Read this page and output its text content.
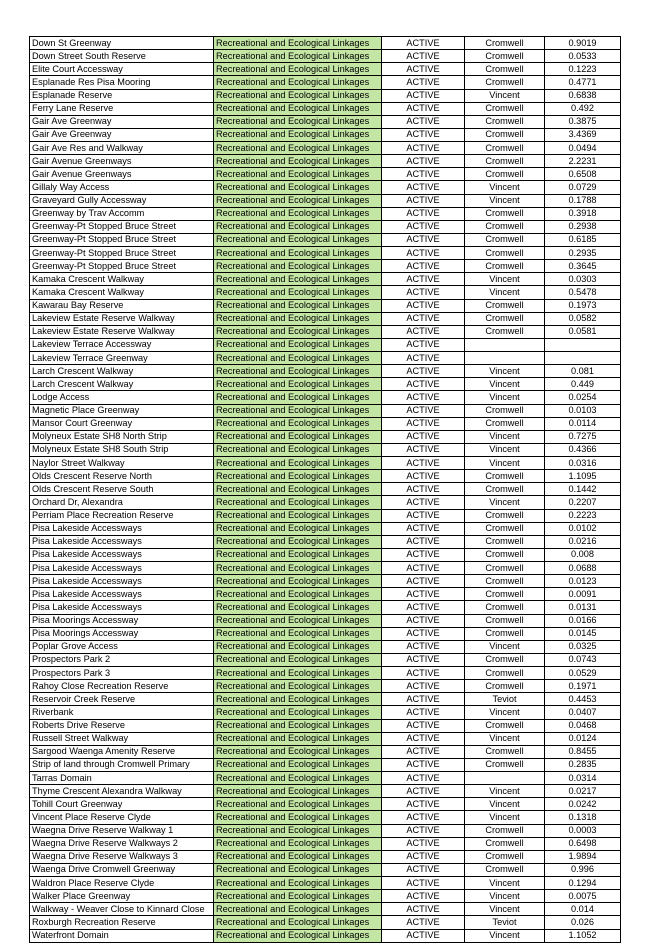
Down St Greenway	Recreational and Ecological Linkages	ACTIVE	Cromwell	0.9019
Down Street South Reserve	Recreational and Ecological Linkages	ACTIVE	Cromwell	0.0533
Elite Court Accessway	Recreational and Ecological Linkages	ACTIVE	Cromwell	0.1223
Esplanade Res Pisa Mooring	Recreational and Ecological Linkages	ACTIVE	Cromwell	0.4771
Esplanade Reserve	Recreational and Ecological Linkages	ACTIVE	Vincent	0.6838
Ferry Lane Reserve	Recreational and Ecological Linkages	ACTIVE	Cromwell	0.492
Gair Ave Greenway	Recreational and Ecological Linkages	ACTIVE	Cromwell	0.3875
Gair Ave Greenway	Recreational and Ecological Linkages	ACTIVE	Cromwell	3.4369
Gair Ave Res and Walkway	Recreational and Ecological Linkages	ACTIVE	Cromwell	0.0494
Gair Avenue Greenways	Recreational and Ecological Linkages	ACTIVE	Cromwell	2.2231
Gair Avenue Greenways	Recreational and Ecological Linkages	ACTIVE	Cromwell	0.6508
Gillaly Way Access	Recreational and Ecological Linkages	ACTIVE	Vincent	0.0729
Graveyard Gully Accessway	Recreational and Ecological Linkages	ACTIVE	Vincent	0.1788
Greenway by Trav Accomm	Recreational and Ecological Linkages	ACTIVE	Cromwell	0.3918
Greenway-Pt Stopped Bruce Street	Recreational and Ecological Linkages	ACTIVE	Cromwell	0.2938
Greenway-Pt Stopped Bruce Street	Recreational and Ecological Linkages	ACTIVE	Cromwell	0.6185
Greenway-Pt Stopped Bruce Street	Recreational and Ecological Linkages	ACTIVE	Cromwell	0.2935
Greenway-Pt Stopped Bruce Street	Recreational and Ecological Linkages	ACTIVE	Cromwell	0.3645
Kamaka Crescent Walkway	Recreational and Ecological Linkages	ACTIVE	Vincent	0.0303
Kamaka Crescent Walkway	Recreational and Ecological Linkages	ACTIVE	Vincent	0.5478
Kawarau Bay Reserve	Recreational and Ecological Linkages	ACTIVE	Cromwell	0.1973
Lakeview Estate Reserve Walkway	Recreational and Ecological Linkages	ACTIVE	Cromwell	0.0582
Lakeview Estate Reserve Walkway	Recreational and Ecological Linkages	ACTIVE	Cromwell	0.0581
Lakeview Terrace Accessway	Recreational and Ecological Linkages	ACTIVE		
Lakeview Terrace Greenway	Recreational and Ecological Linkages	ACTIVE		
Larch Crescent Walkway	Recreational and Ecological Linkages	ACTIVE	Vincent	0.081
Larch Crescent Walkway	Recreational and Ecological Linkages	ACTIVE	Vincent	0.449
Lodge Access	Recreational and Ecological Linkages	ACTIVE	Vincent	0.0254
Magnetic Place Greenway	Recreational and Ecological Linkages	ACTIVE	Cromwell	0.0103
Mansor Court Greenway	Recreational and Ecological Linkages	ACTIVE	Cromwell	0.0114
Molyneux Estate SH8 North Strip	Recreational and Ecological Linkages	ACTIVE	Vincent	0.7275
Molyneux Estate SH8 South Strip	Recreational and Ecological Linkages	ACTIVE	Vincent	0.4366
Naylor Street Walkway	Recreational and Ecological Linkages	ACTIVE	Vincent	0.0316
Olds Crescent Reserve North	Recreational and Ecological Linkages	ACTIVE	Cromwell	1.1095
Olds Crescent Reserve South	Recreational and Ecological Linkages	ACTIVE	Cromwell	0.1442
Orchard Dr, Alexandra	Recreational and Ecological Linkages	ACTIVE	Vincent	0.2207
Perriam Place Recreation Reserve	Recreational and Ecological Linkages	ACTIVE	Cromwell	0.2223
Pisa Lakeside Accessways	Recreational and Ecological Linkages	ACTIVE	Cromwell	0.0102
Pisa Lakeside Accessways	Recreational and Ecological Linkages	ACTIVE	Cromwell	0.0216
Pisa Lakeside Accessways	Recreational and Ecological Linkages	ACTIVE	Cromwell	0.008
Pisa Lakeside Accessways	Recreational and Ecological Linkages	ACTIVE	Cromwell	0.0688
Pisa Lakeside Accessways	Recreational and Ecological Linkages	ACTIVE	Cromwell	0.0123
Pisa Lakeside Accessways	Recreational and Ecological Linkages	ACTIVE	Cromwell	0.0091
Pisa Lakeside Accessways	Recreational and Ecological Linkages	ACTIVE	Cromwell	0.0131
Pisa Moorings Accessway	Recreational and Ecological Linkages	ACTIVE	Cromwell	0.0166
Pisa Moorings Accessway	Recreational and Ecological Linkages	ACTIVE	Cromwell	0.0145
Poplar Grove Access	Recreational and Ecological Linkages	ACTIVE	Vincent	0.0325
Prospectors Park 2	Recreational and Ecological Linkages	ACTIVE	Cromwell	0.0743
Prospectors Park 3	Recreational and Ecological Linkages	ACTIVE	Cromwell	0.0529
Rahoy Close Recreation Reserve	Recreational and Ecological Linkages	ACTIVE	Cromwell	0.1971
Reservoir Creek Reserve	Recreational and Ecological Linkages	ACTIVE	Teviot	0.4453
Riverbank	Recreational and Ecological Linkages	ACTIVE	Vincent	0.0407
Roberts Drive Reserve	Recreational and Ecological Linkages	ACTIVE	Cromwell	0.0468
Russell Street Walkway	Recreational and Ecological Linkages	ACTIVE	Vincent	0.0124
Sargood Waenga Amenity Reserve	Recreational and Ecological Linkages	ACTIVE	Cromwell	0.8455
Strip of land through Cromwell Primary	Recreational and Ecological Linkages	ACTIVE	Cromwell	0.2835
Tarras Domain	Recreational and Ecological Linkages	ACTIVE		0.0314
Thyme Crescent Alexandra Walkway	Recreational and Ecological Linkages	ACTIVE	Vincent	0.0217
Tohill Court Greenway	Recreational and Ecological Linkages	ACTIVE	Vincent	0.0242
Vincent Place Reserve Clyde	Recreational and Ecological Linkages	ACTIVE	Vincent	0.1318
Waegna Drive Reserve Walkway 1	Recreational and Ecological Linkages	ACTIVE	Cromwell	0.0003
Waegna Drive Reserve Walkways 2	Recreational and Ecological Linkages	ACTIVE	Cromwell	0.6498
Waegna Drive Reserve Walkways 3	Recreational and Ecological Linkages	ACTIVE	Cromwell	1.9894
Waenga Drive Cromwell Greenway	Recreational and Ecological Linkages	ACTIVE	Cromwell	0.996
Waldron Place Reserve Clyde	Recreational and Ecological Linkages	ACTIVE	Vincent	0.1294
Walker Place Greenway	Recreational and Ecological Linkages	ACTIVE	Vincent	0.0075
Walkway - Weaver Close to Kinnard Close	Recreational and Ecological Linkages	ACTIVE	Vincent	0.014
Roxburgh Recreation Reserve	Recreational and Ecological Linkages	ACTIVE	Teviot	0.026
Waterfront Domain	Recreational and Ecological Linkages	ACTIVE	Vincent	1.1052
